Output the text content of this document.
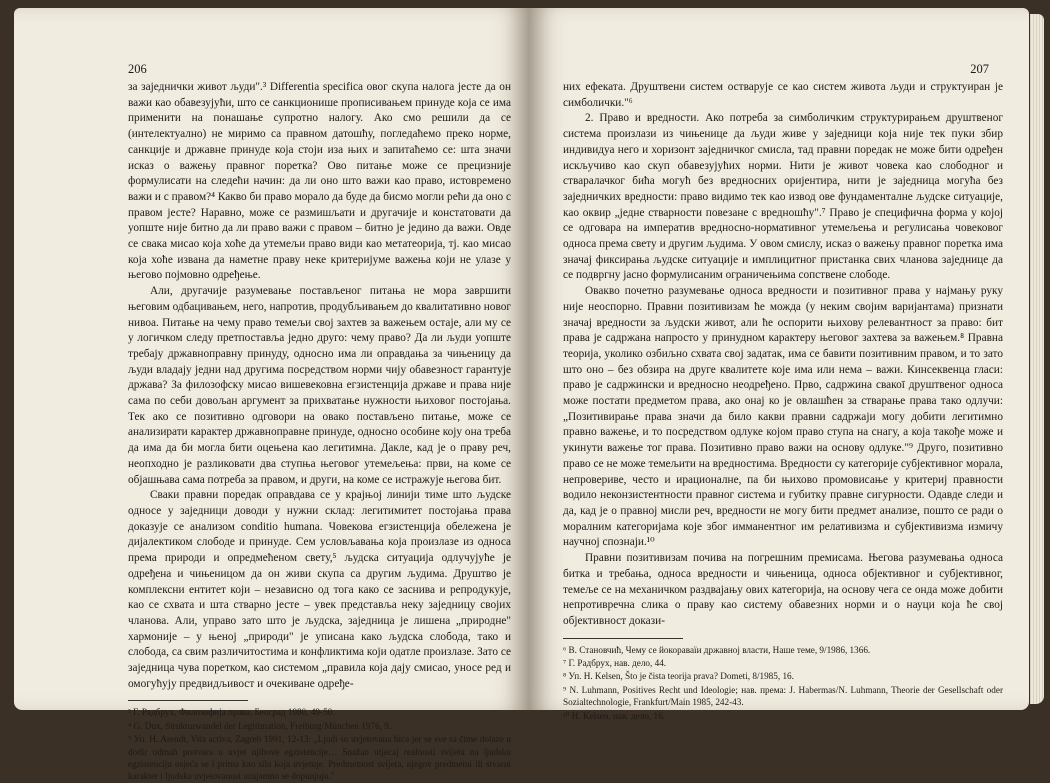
206

за заједнички живот људи".³ Differentia specifica овог скупа налога јесте да он важи као обавезујући, што се санкционише прописивањем принуде која се има применити на понашање супротно налогу. Ако смо решили да се (интелектуално) не миримо са правном датошћу, погледаћемо преко норме, санкције и државне принуде која стоји иза њих и запитаћемо се: шта значи исказ о важењу правног поретка? Ово питање може се прецизније формулисати на следећи начин: да ли оно што важи као право, истовремено важи и с правом?⁴ Какво би право морало да буде да бисмо могли рећи да оно с правом јесте? Наравно, може се размишљати и другачије и констатовати да уопште није битно да ли право важи с правом – битно је једино да важи. Овде се свака мисао која хоће да утемељи право види као метатеорија, тј. као мисао која хоће извана да наметне праву неке критеријуме важења који не улазе у његово појмовно одређење.

Али, другачије разумевање постављеног питања не мора завршити његовим одбацивањем, него, напротив, продубљивањем до квалитативно новог нивоа. Питање на чему право темељи свој захтев за важењем остаје, али му се у логичком следу претпоставља једно друго: чему право? Да ли људи уопште требају државноправну принуду, односно има ли оправдања за чињеницу да људи владају једни над другима посредством норми чију обавезност гарантује држава? За филозофску мисао вишевековна егзистенција државе и права није сама по себи довољан аргумент за прихватање нужности њиховог постојања. Тек ако се позитивно одговори на овако постављено питање, може се анализирати карактер државноправне принуде, односно особине коју она треба да има да би могла бити оцењена као легитимна. Дакле, кад је о праву реч, неопходно је разликовати два ступња његовог утемељења: први, на коме се објашњава сама потреба за правом, и други, на коме се истражује његова бит.

Сваки правни поредак оправдава се у крајњој линији тиме што људске односе у заједници доводи у нужни склад: легитимитет постојања права доказује се анализом conditio humana. Човекова егзистенција обележена је дијалектиком слободе и принуде. Сем условљавања која произлазе из односа према природи и опредмећеном свету,⁵ људска ситуација одлучујуће је одређена и чињеницом да он живи скупа са другим људима. Друштво је комплексни ентитет који – независно од тога како се заснива и репродукује, као се схвата и шта стварно јесте – увек представља неку заједницу својих чланова. Али, управо зато што је људска, заједница је лишена „природне" хармоније – у њеној „природи" је уписана како људска слобода, тако и слобода, са свим различитостима и конфликтима који одатле произлазе. Зато се заједница чува поретком, као системом „правила која дају смисао, уносе ред и омогућују предвидљивост и очекиване одређе-

³ Г. Радбрух, Филозофија права, Београд 1980, 49-50.
⁴ G. Dux, Strukturwandel der Legitimation, Freiburg/München 1976, 9.
⁵ Уп. H. Arendt, Vita activa, Zagreb 1991, 12-13: „Ljudi su uvjetovana bića jer se sve sa čime dolaze u dodir odmah pretvara u uvjet njihove egzistencije… Snažan utjecaj realnosti svijeta na ljudsku egzistenciju osjeća se i prima kao sila koja uvjetuje. Predmetnost svijeta, njegov predmetni ili stvarni karakter i ljudska uvjetovanost uzajamno se dopunjuju."
207

них ефеката. Друштвени систем остварује се као систем живота људи и структуиран је симболички."⁶

2. Право и вредности. Ако потреба за симболичким структурирањем друштвеног система произлази из чињенице да људи живе у заједници која није тек пуки збир индивидуа него и хоризонт заједничког смисла, тад правни поредак не може бити одређен искључиво као скуп обавезујућих норми. Нити је живот човека као слободног и стваралачког бића могућ без вредносних оријентира, нити је заједница могућа без заједничких вредности: право видимо тек као извод ове фундаменталне људске ситуације, као оквир „једне стварности повезане с вредношћу".⁷ Право је специфична форма у којој се одговара на императив вредносно-нормативног утемељења и регулисања човековог односа према свету и другим људима. У овом смислу, исказ о важењу правног поретка има значај фиксирања људске ситуације и имплицитног пристанка свих чланова заједнице да се подвргну јасно формулисаним ограничењима сопствене слободе.

Овакво почетно разумевање односа вредности и позитивног права у најмању руку није неоспорно. Правни позитивизам ће можда (у неким својим варијантама) признати значај вредности за људски живот, али ће оспорити њихову релевантност за право: бит права је садржана напросто у принудном карактеру његовог захтева за важењем.⁸ Правна теорија, уколико озбиљно схвата свој задатак, има се бавити позитивним правом, и то зато што оно – без обзира на друге квалитете које има или нема – важи. Кинсеквенца гласи: право је садржински и вредносно неодређено. Прво, садржина свакоī друштвеног односа може постати предметом права, ако онај ко је овлашћен за стварање права тако одлучи: „Позитивирање права значи да било какви правни садржаји могу добити легитимно правно важење, и то посредством одлуке којом право ступа на снагу, а која такође може и укинути важење тог права. Позитивно право важи на основу одлуке."⁹ Друго, позитивно право се не може темељити на вредностима. Вредности су категорије субјективног морала, непровериве, често и ирационалне, па би њихово промовисање у критериј правности водило неконзистентности правног система и губитку правне сигурности. Одавде следи и да, кад је о правној мисли реч, вредности не могу бити предмет анализе, пошто се ради о моралним категоријама које због имманентног им релативизма и субјективизма измичу научној спознаји.¹⁰

Правни позитивизам почива на погрешним премисама. Његова разумевања односа битка и требања, односа вредности и чињеница, односа објективног и субјективног, темеље се на механичком раздвајању ових категорија, на основу чега се онда може добити непротивречна слика о праву као систему обавезних норми и о науци која ће свој објективност докази-

⁶ В. Становчић, Чему се йокораваїи државној власти, Наше теме, 9/1986, 1366.
⁷ Г. Радбрух, нав. дело, 44.
⁸ Уп. H. Kelsen, Što je čista teorija prava? Dometi, 8/1985, 16.
⁹ N. Luhmann, Positives Recht und Ideologie; нав. према: J. Habermas/N. Luhmann, Theorie der Gesellschaft oder Sozialtechnologie, Frankfurt/Main 1985, 242-43.
¹⁰ H. Kelsen, нав. дело, 16.
